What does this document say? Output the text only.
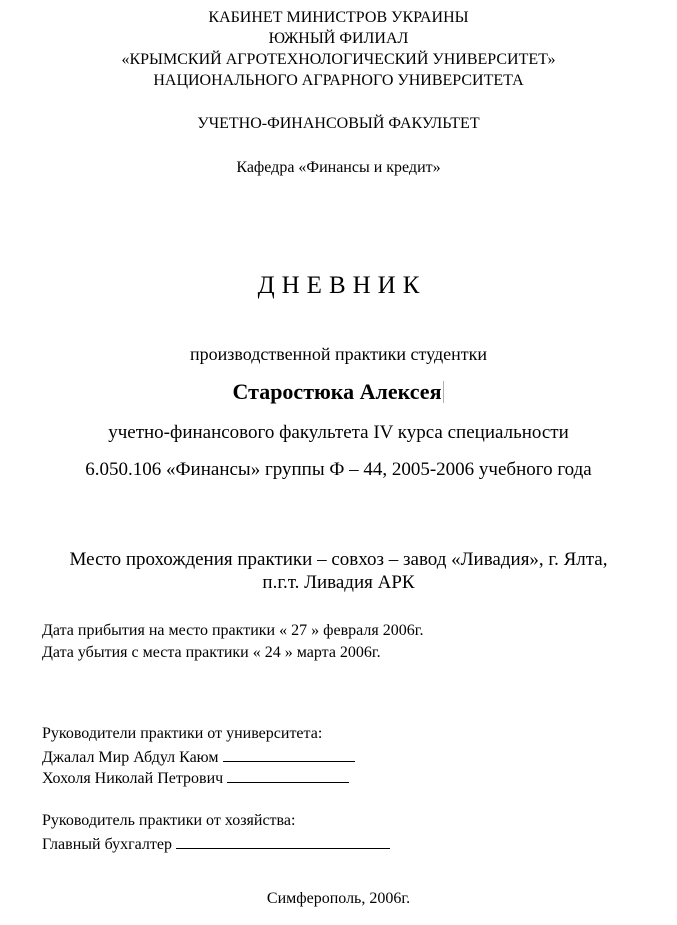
КАБИНЕТ МИНИСТРОВ УКРАИНЫ
ЮЖНЫЙ ФИЛИАЛ
«КРЫМСКИЙ АГРОТЕХНОЛОГИЧЕСКИЙ УНИВЕРСИТЕТ»
НАЦИОНАЛЬНОГО АГРАРНОГО УНИВЕРСИТЕТА
УЧЕТНО-ФИНАНСОВЫЙ ФАКУЛЬТЕТ
Кафедра «Финансы и кредит»
ДНЕВНИК
производственной практики студентки
Старостюка Алексея
учетно-финансового факультета IV курса специальности
6.050.106 «Финансы» группы Ф – 44, 2005-2006 учебного года
Место прохождения практики – совхоз – завод «Ливадия», г. Ялта,
п.г.т. Ливадия АРК
Дата прибытия на место практики « 27 » февраля 2006г.
Дата убытия с места практики « 24 » марта 2006г.
Руководители практики от университета:
Джалал Мир Абдул Каюм
Хохоля Николай Петрович
Руководитель практики от хозяйства:
Главный бухгалтер
Симферополь, 2006г.
